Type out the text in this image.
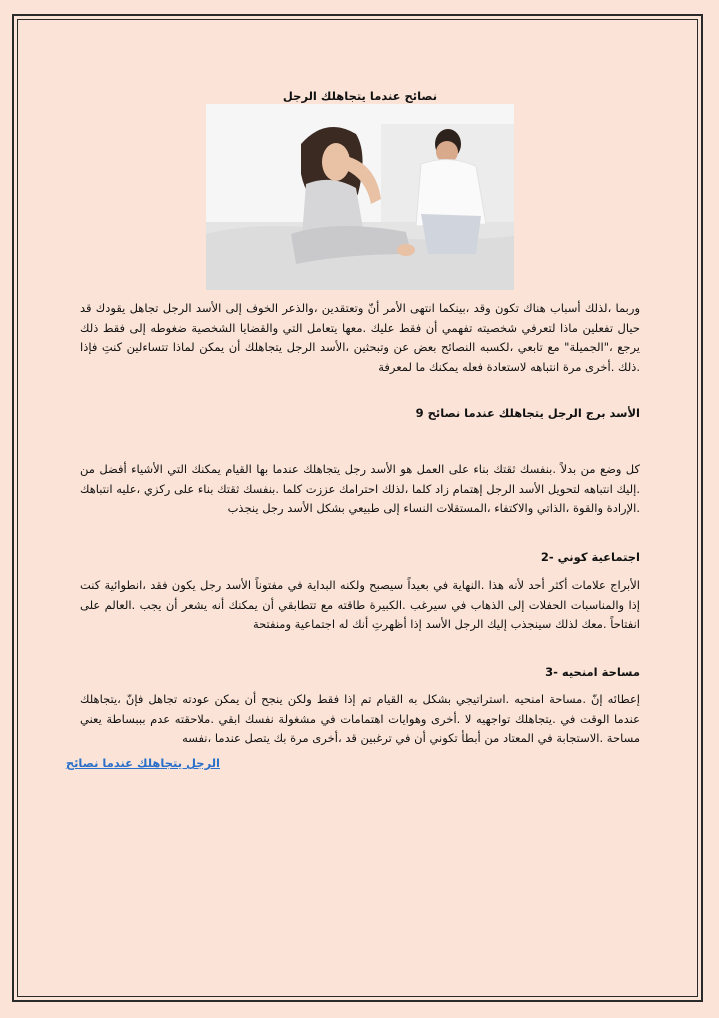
نصائح عندما يتجاهلك الرجل

وربما ،لذلك أسباب هناك تكون وقد ،بينكما انتهى الأمر أنّ وتعتقدين ،والذعر الخوف إلى الأسد الرجل تجاهل يقودك قد حيال تفعلين ماذا لتعرفي شخصيته تفهمي أن فقط عليك .معها يتعامل التي والقضايا الشخصية ضغوطه إلى فقط ذلك يرجع ،"الجميلة" مع تابعي ،لكسبه النصائح بعض عن وتبحثين ،الأسد الرجل يتجاهلك أن يمكن لماذا تتساءلين كنتِ فإذا .ذلك .أخرى مرة انتباهه لاستعادة فعله يمكنك ما لمعرفة

الأسد برج الرجل يتجاهلك عندما نصائح 9

كل وضع من بدلاً .بنفسك ثقتك بناء على العمل هو الأسد رجل يتجاهلك عندما بها القيام يمكنك التي الأشياء أفضل من .إليك انتباهه لتحويل الأسد الرجل إهتمام زاد كلما ،لذلك احترامك عززت كلما .بنفسك ثقتك بناء على ركزي ،عليه انتباهك .الإرادة والقوة ،الذاتي والاكتفاء ،المستقلات النساء إلى طبيعي بشكل الأسد رجل ينجذب

اجتماعية كوني -2

الأبراج علامات أكثر أحد لأنه هذا .النهاية في بعيداً سيصبح ولكنه البداية في مفتوناً الأسد رجل يكون فقد ،انطوائية كنت إذا والمناسبات الحفلات إلى الذهاب في سيرغب .الكبيرة طاقته مع تتطابقي أن يمكنك أنه يشعر أن يجب .العالم على انفتاحاً .معك لذلك سينجذب إليك الرجل الأسد إذا أظهرتِ أنك له اجتماعية ومنفتحة

مساحة امنحيه -3

إعطائه إنّ .مساحة امنحيه .استراتيجي بشكل به القيام تم إذا فقط ولكن ينجح أن يمكن عودته تجاهل فإنّ ،يتجاهلك عندما الوقت في .يتجاهلك تواجهيه لا .أخرى وهوايات اهتمامات في مشغولة نفسك ابقي .ملاحقته عدم بببساطة يعني مساحة .الاستجابة في المعتاد من أبطأ تكوني أن في ترغبين قد ،أخرى مرة بك يتصل عندما ،نفسه

الرجل يتجاهلك عندما نصائح
